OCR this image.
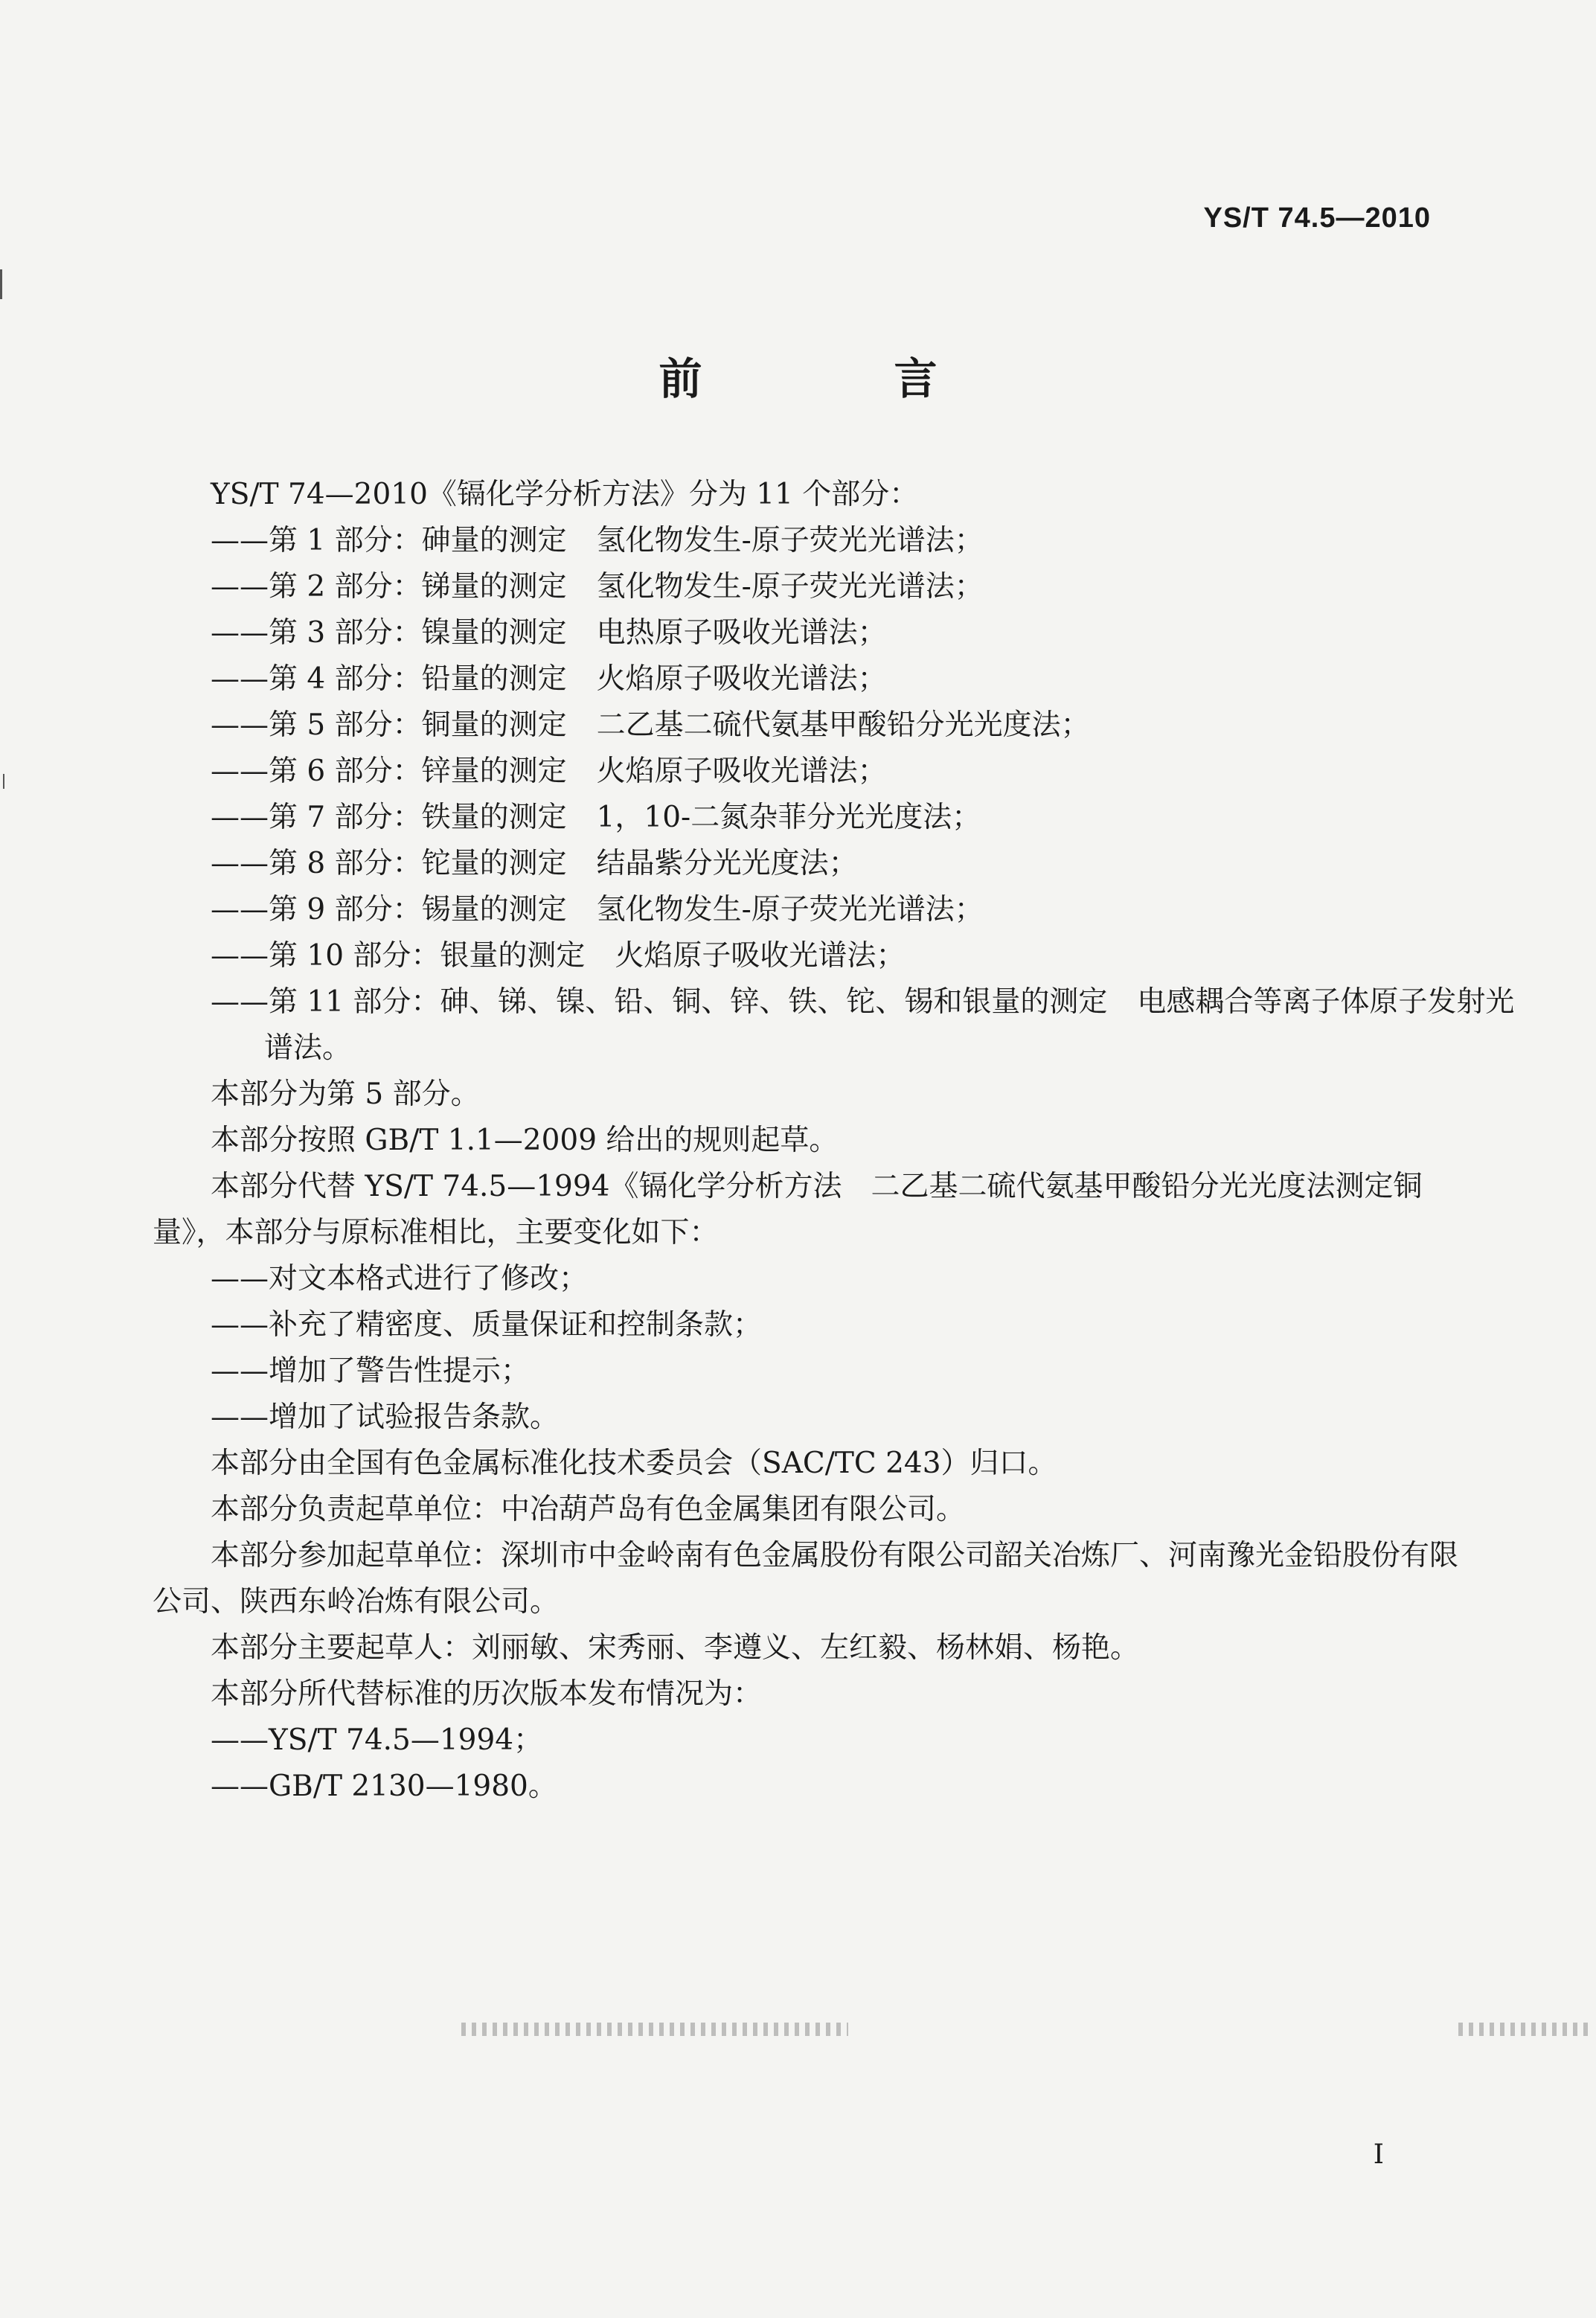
YS/T 74.5—2010
前　言
YS/T 74—2010《镉化学分析方法》分为 11 个部分：
——第 1 部分：砷量的测定 氢化物发生-原子荧光光谱法；
——第 2 部分：锑量的测定 氢化物发生-原子荧光光谱法；
——第 3 部分：镍量的测定 电热原子吸收光谱法；
——第 4 部分：铅量的测定 火焰原子吸收光谱法；
——第 5 部分：铜量的测定 二乙基二硫代氨基甲酸铅分光光度法；
——第 6 部分：锌量的测定 火焰原子吸收光谱法；
——第 7 部分：铁量的测定 1，10-二氮杂菲分光光度法；
——第 8 部分：铊量的测定 结晶紫分光光度法；
——第 9 部分：锡量的测定 氢化物发生-原子荧光光谱法；
——第 10 部分：银量的测定 火焰原子吸收光谱法；
——第 11 部分：砷、锑、镍、铅、铜、锌、铁、铊、锡和银量的测定 电感耦合等离子体原子发射光
谱法。
本部分为第 5 部分。
本部分按照 GB/T 1.1—2009 给出的规则起草。
本部分代替 YS/T 74.5—1994《镉化学分析方法　二乙基二硫代氨基甲酸铅分光光度法测定铜
量》，本部分与原标准相比，主要变化如下：
——对文本格式进行了修改；
——补充了精密度、质量保证和控制条款；
——增加了警告性提示；
——增加了试验报告条款。
本部分由全国有色金属标准化技术委员会（SAC/TC 243）归口。
本部分负责起草单位：中冶葫芦岛有色金属集团有限公司。
本部分参加起草单位：深圳市中金岭南有色金属股份有限公司韶关冶炼厂、河南豫光金铅股份有限
公司、陕西东岭冶炼有限公司。
本部分主要起草人：刘丽敏、宋秀丽、李遵义、左红毅、杨林娟、杨艳。
本部分所代替标准的历次版本发布情况为：
——YS/T 74.5—1994；
——GB/T 2130—1980。
I
